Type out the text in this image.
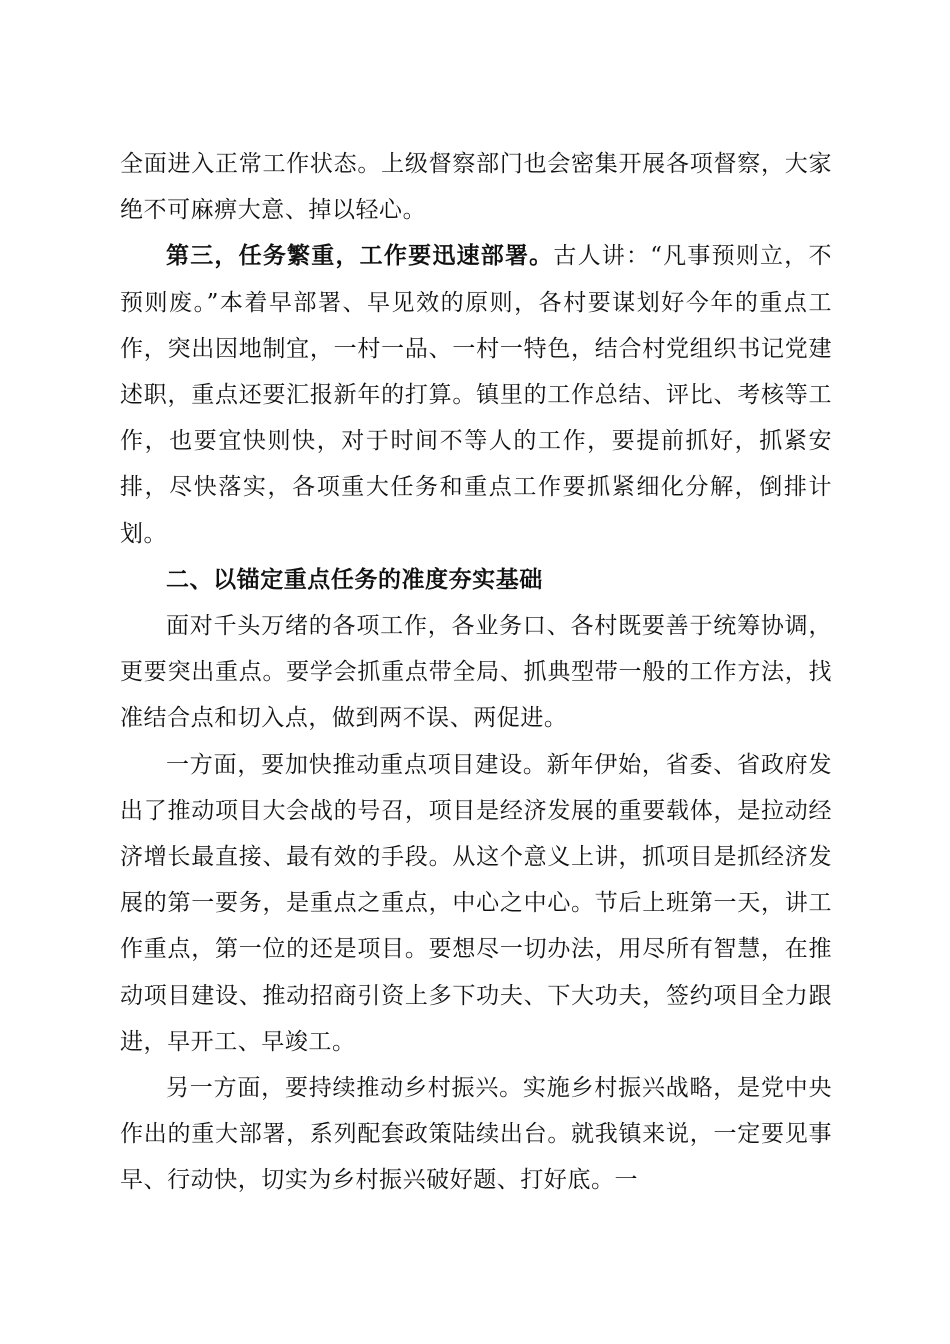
全面进入正常工作状态。上级督察部门也会密集开展各项督察，大家绝不可麻痹大意、掉以轻心。

第三，任务繁重，工作要迅速部署。古人讲：“凡事预则立，不预则废。”本着早部署、早见效的原则，各村要谋划好今年的重点工作，突出因地制宜，一村一品、一村一特色，结合村党组织书记党建述职，重点还要汇报新年的打算。镇里的工作总结、评比、考核等工作，也要宜快则快，对于时间不等人的工作，要提前抓好，抓紧安排，尽快落实，各项重大任务和重点工作要抓紧细化分解，倒排计划。

二、以锚定重点任务的准度夯实基础

面对千头万绪的各项工作，各业务口、各村既要善于统筹协调，更要突出重点。要学会抓重点带全局、抓典型带一般的工作方法，找准结合点和切入点，做到两不误、两促进。

一方面，要加快推动重点项目建设。新年伊始，省委、省政府发出了推动项目大会战的号召，项目是经济发展的重要载体，是拉动经济增长最直接、最有效的手段。从这个意义上讲，抓项目是抓经济发展的第一要务，是重点之重点，中心之中心。节后上班第一天，讲工作重点，第一位的还是项目。要想尽一切办法，用尽所有智慧，在推动项目建设、推动招商引资上多下功夫、下大功夫，签约项目全力跟进，早开工、早竣工。

另一方面，要持续推动乡村振兴。实施乡村振兴战略，是党中央作出的重大部署，系列配套政策陆续出台。就我镇来说，一定要见事早、行动快，切实为乡村振兴破好题、打好底。一
